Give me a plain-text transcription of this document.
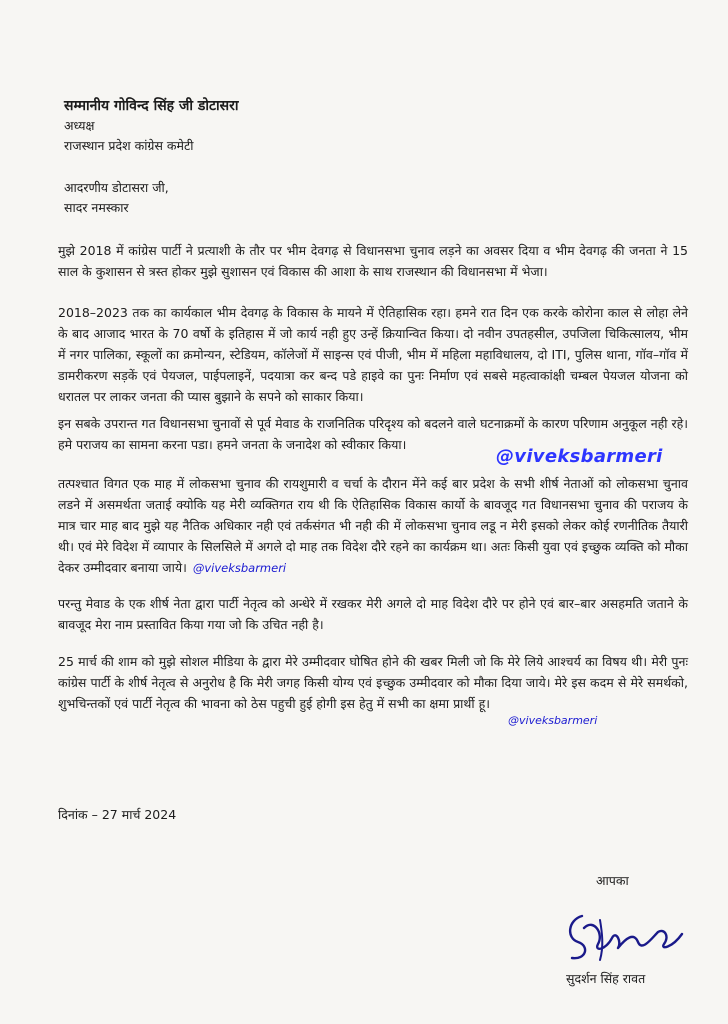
सम्मानीय गोविन्द सिंह जी डोटासरा
अध्यक्ष
राजस्थान प्रदेश कांग्रेस कमेटी
आदरणीय डोटासरा जी,
सादर नमस्कार

मुझे 2018 में कांग्रेस पार्टी ने प्रत्याशी के तौर पर भीम देवगढ़ से विधानसभा चुनाव लड़ने का अवसर दिया व भीम देवगढ़ की जनता ने 15 साल के कुशासन से त्रस्त होकर मुझे सुशासन एवं विकास की आशा के साथ राजस्थान की विधानसभा में भेजा।

2018–2023 तक का कार्यकाल भीम देवगढ़ के विकास के मायने में ऐतिहासिक रहा। हमने रात दिन एक करके कोरोना काल से लोहा लेने के बाद आजाद भारत के 70 वर्षो के इतिहास में जो कार्य नही हुए उन्हें क्रियान्वित किया। दो नवीन उपतहसील, उपजिला चिकित्सालय, भीम में नगर पालिका, स्कूलों का क्रमोन्यन, स्टेडियम, कॉलेजों में साइन्स एवं पीजी, भीम में महिला महाविधालय, दो ITI, पुलिस थाना, गॉव–गॉव में डामरीकरण सड़कें एवं पेयजल, पाईपलाइनें, पदयात्रा कर बन्द पडे हाइवे का पुनः निर्माण एवं सबसे महत्वाकांक्षी चम्बल पेयजल योजना को धरातल पर लाकर जनता की प्यास बुझाने के सपने को साकार किया।

इन सबके उपरान्त गत विधानसभा चुनावों से पूर्व मेवाड के राजनितिक परिदृश्य को बदलने वाले घटनाक्रमों के कारण परिणाम अनुकूल नही रहे। हमे पराजय का सामना करना पडा। हमने जनता के जनादेश को स्वीकार किया।

तत्पश्चात विगत एक माह में लोकसभा चुनाव की रायशुमारी व चर्चा के दौरान मेंने कई बार प्रदेश के सभी शीर्ष नेताओं को लोकसभा चुनाव लडने में असमर्थता जताई क्योकि यह मेरी व्यक्तिगत राय थी कि ऐतिहासिक विकास कार्यो के बावजूद गत विधानसभा चुनाव की पराजय के मात्र चार माह बाद मुझे यह नैतिक अधिकार नही एवं तर्कसंगत भी नही की में लोकसभा चुनाव लडू न मेरी इसको लेकर कोई रणनीतिक तैयारी थी। एवं मेरे विदेश में व्यापार के सिलसिले में अगले दो माह तक विदेश दौरे रहने का कार्यक्रम था। अतः किसी युवा एवं इच्छुक व्यक्ति को मौका देकर उम्मीदवार बनाया जाये। @viveksbarmeri

परन्तु मेवाड के एक शीर्ष नेता द्वारा पार्टी नेतृत्व को अन्धेरे में रखकर मेरी अगले दो माह विदेश दौरे पर होने एवं बार–बार असहमति जताने के बावजूद मेरा नाम प्रस्तावित किया गया जो कि उचित नही है।

25 मार्च की शाम को मुझे सोशल मीडिया के द्वारा मेरे उम्मीदवार घोषित होने की खबर मिली जो कि मेरे लिये आश्चर्य का विषय थी। मेरी पुनः कांग्रेस पार्टी के शीर्ष नेतृत्व से अनुरोध है कि मेरी जगह किसी योग्य एवं इच्छुक उम्मीदवार को मौका दिया जाये। मेरे इस कदम से मेरे समर्थको, शुभचिन्तकों एवं पार्टी नेतृत्व की भावना को ठेस पहुची हुई होगी इस हेतु में सभी का क्षमा प्रार्थी हू।

@viveksbarmeri
@viveksbarmeri
दिनांक – 27 मार्च 2024
आपका
सुदर्शन सिंह रावत
